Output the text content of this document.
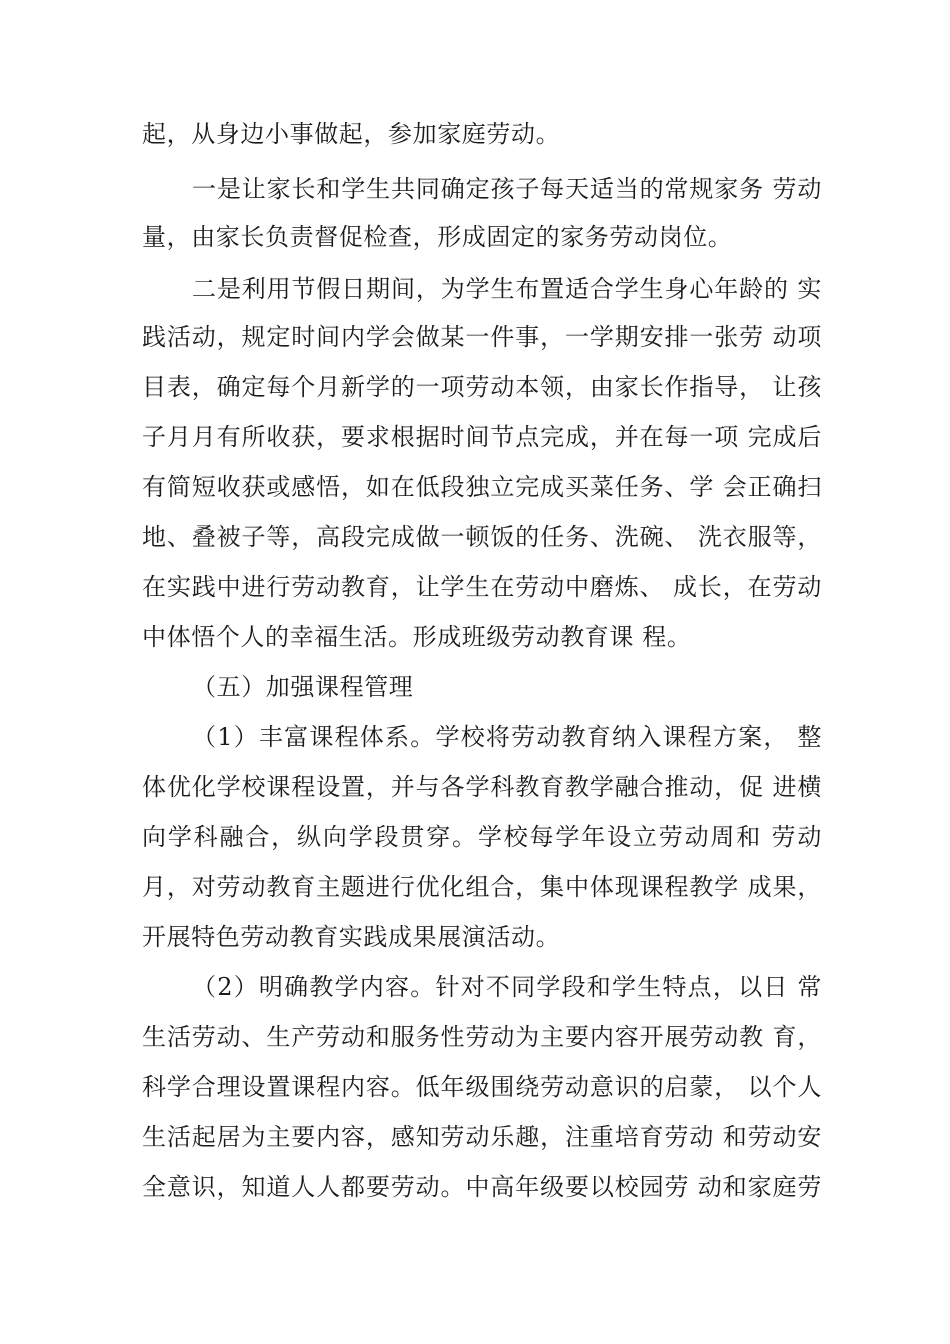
起，从身边小事做起，参加家庭劳动。
一是让家长和学生共同确定孩子每天适当的常规家务 劳动
量，由家长负责督促检查，形成固定的家务劳动岗位。
二是利用节假日期间，为学生布置适合学生身心年龄的 实
践活动，规定时间内学会做某一件事，一学期安排一张劳 动项
目表，确定每个月新学的一项劳动本领，由家长作指导， 让孩
子月月有所收获，要求根据时间节点完成，并在每一项 完成后
有简短收获或感悟，如在低段独立完成买菜任务、学 会正确扫
地、叠被子等，高段完成做一顿饭的任务、洗碗、 洗衣服等，
在实践中进行劳动教育，让学生在劳动中磨炼、 成长，在劳动
中体悟个人的幸福生活。形成班级劳动教育课 程。
（五）加强课程管理
（1）丰富课程体系。学校将劳动教育纳入课程方案， 整
体优化学校课程设置，并与各学科教育教学融合推动，促 进横
向学科融合，纵向学段贯穿。学校每学年设立劳动周和 劳动
月，对劳动教育主题进行优化组合，集中体现课程教学 成果，
开展特色劳动教育实践成果展演活动。
（2）明确教学内容。针对不同学段和学生特点，以日 常
生活劳动、生产劳动和服务性劳动为主要内容开展劳动教 育，
科学合理设置课程内容。低年级围绕劳动意识的启蒙， 以个人
生活起居为主要内容，感知劳动乐趣，注重培育劳动 和劳动安
全意识，知道人人都要劳动。中高年级要以校园劳 动和家庭劳
